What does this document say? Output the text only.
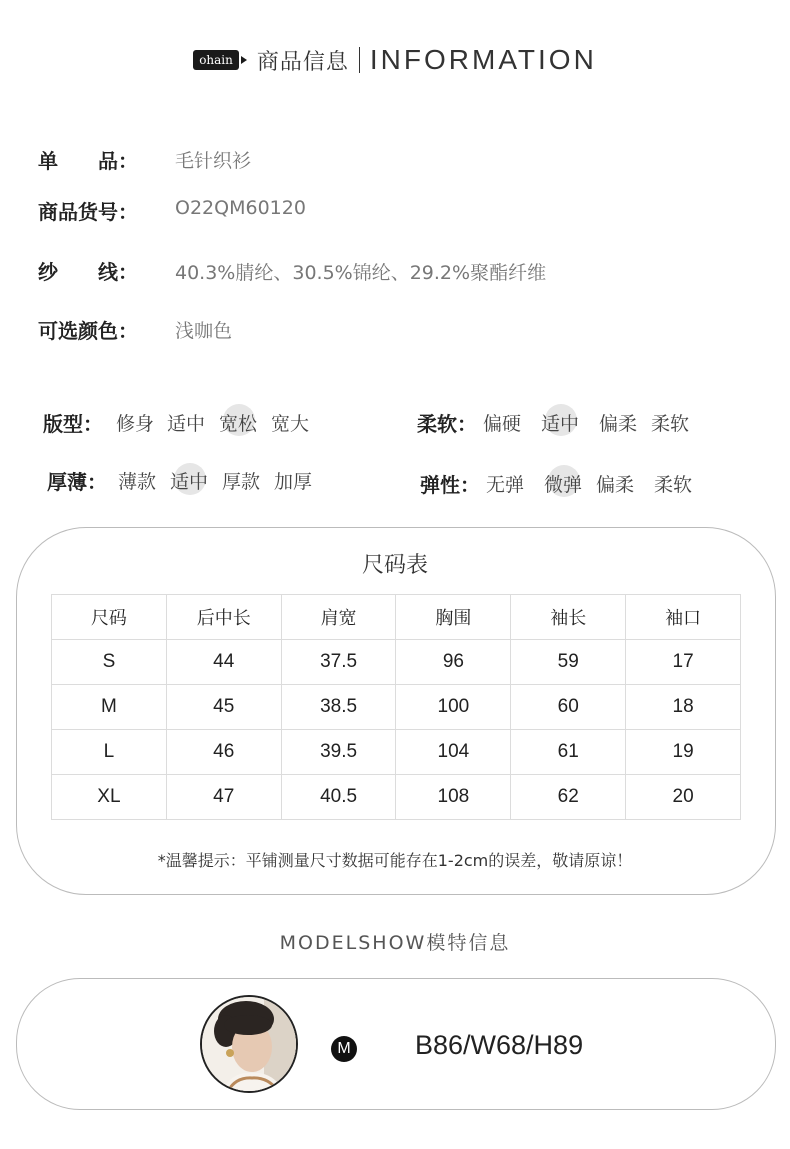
ohain 商品信息 INFORMATION
单　　品： 毛针织衫
商品货号： O22QM60120
纱　　线： 40.3%腈纶、30.5%锦纶、29.2%聚酯纤维
可选颜色： 浅咖色
版型： 修身 适中 宽松 宽大
厚薄： 薄款 适中 厚款 加厚
柔软： 偏硬 适中 偏柔 柔软
弹性： 无弹 微弹 偏柔 柔软
尺码表
尺码	后中长	肩宽	胸围	袖长	袖口
S	44	37.5	96	59	17
M	45	38.5	100	60	18
L	46	39.5	104	61	19
XL	47	40.5	108	62	20
*温馨提示：平铺测量尺寸数据可能存在1-2cm的误差，敬请原谅！
MODELSHOW模特信息
M B86/W68/H89
